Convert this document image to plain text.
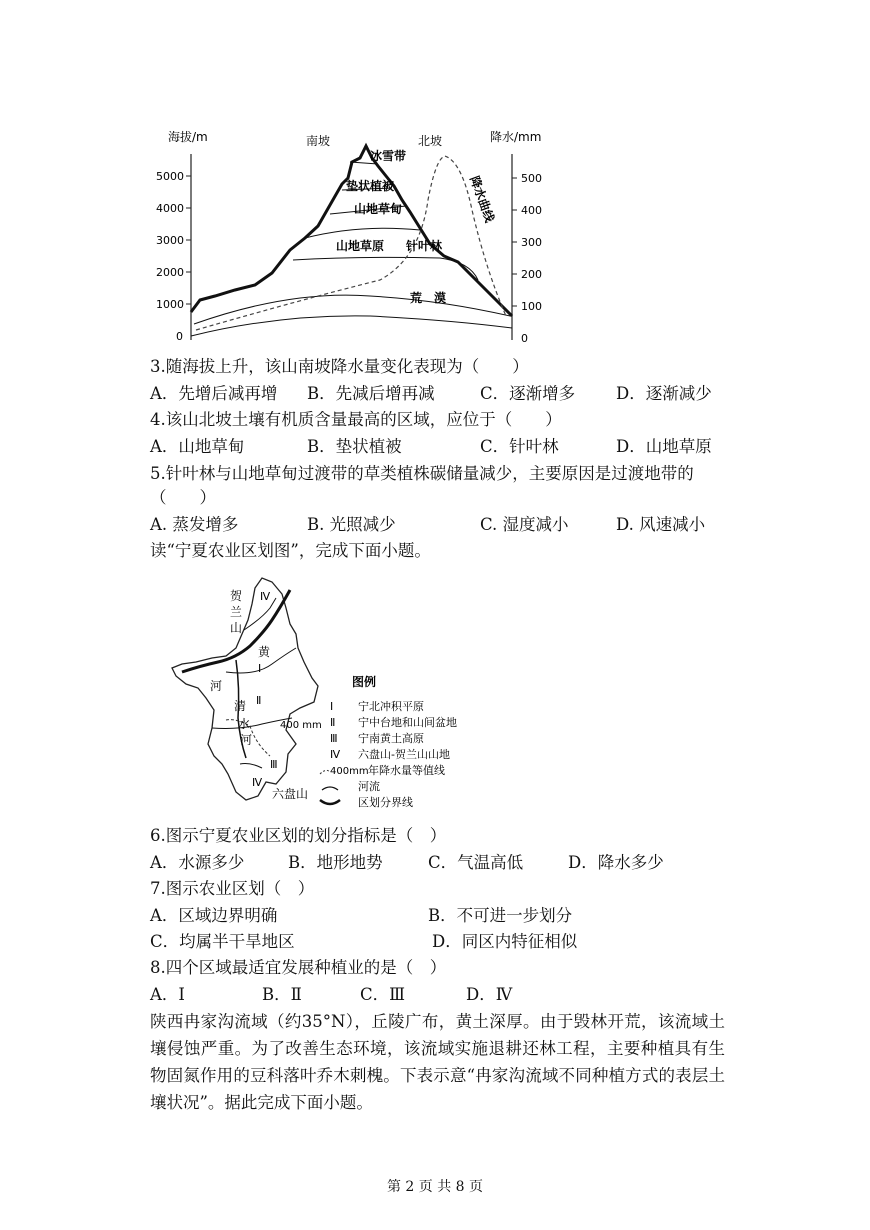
海拔/m	南坡	北坡	降水/mm
5000
4000
3000
2000
1000
0
500
400
300
200
100
0
冰雪带
垫状植被
山地草甸
针叶林
山地草原
荒　漠
降水曲线
3.随海拔上升，该山南坡降水量变化表现为（　　）
A．先增后减再增 B．先减后增再减	C．逐渐增多 D．逐渐减少
4.该山北坡土壤有机质含量最高的区域，应位于（　　）
A．山地草甸	B．垫状植被	C．针叶林	D．山地草原
5.针叶林与山地草甸过渡带的草类植株碳储量减少，主要原因是过渡地带的
（　　）
A. 蒸发增多	B. 光照减少	C. 湿度减小	D. 风速减小
读“宁夏农业区划图”，完成下面小题。
贺
兰
山
黄
河
清
水
河
400 mm
六盘山
Ⅳ
Ⅰ
Ⅱ
Ⅲ
Ⅳ
图例
Ⅰ 宁北冲积平原
Ⅱ 宁中台地和山间盆地
Ⅲ 宁南黄土高原
Ⅳ 六盘山-贺兰山山地
400mm 年降水量等值线
河流
区划分界线
6.图示宁夏农业区划的划分指标是（　）
A．水源多少	B．地形地势	C．气温高低	D．降水多少
7.图示农业区划（　）
A．区域边界明确	B．不可进一步划分
C．均属半干旱地区	D．同区内特征相似
8.四个区域最适宜发展种植业的是（　）
A．Ⅰ	B．Ⅱ	C．Ⅲ	D．Ⅳ
陕西冉家沟流域（约35°N），丘陵广布，黄土深厚。由于毁林开荒，该流域土壤侵蚀严重。为了改善生态环境，该流域实施退耕还林工程，主要种植具有生物固氮作用的豆科落叶乔木刺槐。下表示意“冉家沟流域不同种植方式的表层土壤状况”。据此完成下面小题。
第 2 页 共 8 页
